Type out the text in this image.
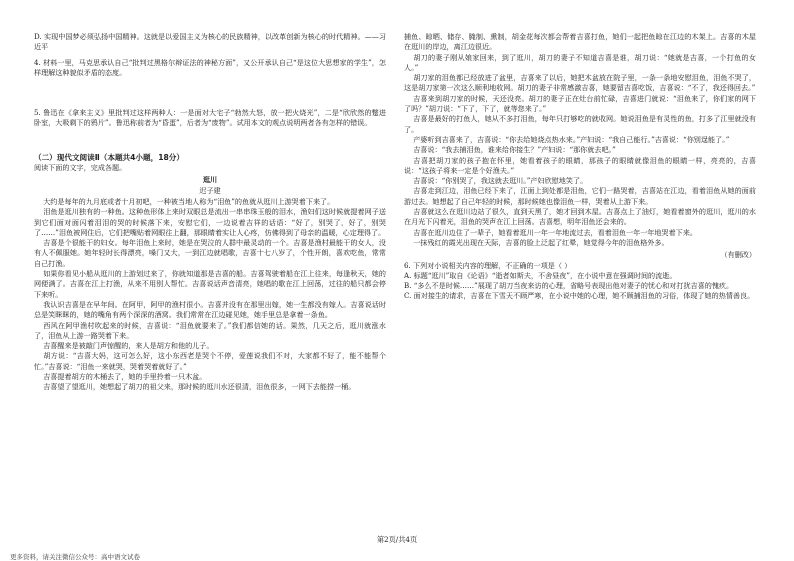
D. 实现中国梦必须弘扬中国精神。这就是以爱国主义为核心的民族精神，以改革创新为核心的时代精神。——习近平

4. 材料一里，马克思承认自己“批判过黑格尔辩证法的神秘方面”，又公开承认自己“是这位大思想家的学生”，怎样理解这种貌似矛盾的态度。

5. 鲁迅在《拿来主义》里批判过这样两种人：一是面对大宅子“勃然大怒，放一把火烧光”，二是“欣欣然的蹩进卧室，大吸剩下的鸦片”。鲁迅称前者为“昏蛋”，后者为“废物”。试用本文的观点说明两者各有怎样的错误。

（二）现代文阅读Ⅱ（本题共4小题，18分）

阅读下面的文字，完成各题。

逛川

迟子建

大约是每年的九月底或者十月初吧，一种被当地人称为“泪鱼”的鱼就从逛川上游哭着下来了。

泪鱼是逛川独有的一种鱼。这种鱼形体上来时双眼总是流出一串串珠玉般的泪水，渔妇们这时候就提着网子送到它们面对面闪着泪泪的哭的时候落下来，安慰它们，一边说着吉祥的话语：“好了，别哭了，好了，别哭了……”泪鱼被网住后，它们把嘴贴着网眼往上翻，那眼睛着实让人心疼，仿佛得到了母亲的温暖，心定理得了。

吉喜是个很能干的妇女。每年泪鱼上来时，她是在哭泣的人群中最灵动的一个。吉喜是渔村最能干的女人，没有人不佩服她。她年轻时长得漂亮，嗓门又大，一到江边就唱歌，吉喜十七八岁了，个性开朗，喜欢吃鱼，常常自己打渔。

如果你看见小船从逛川的上游划过来了，你就知道那是吉喜的船。吉喜驾驶着船在江上往来，每逢秋天，她的网便满了。吉喜在江上打渔，从来不用别人帮忙。吉喜说话声音清亮，她唱的歌在江上回荡，过往的船只都会停下来听。

我认识吉喜是在早年间。在阿甲，阿甲的渔村很小。吉喜并没有在那里出嫁，她一生都没有嫁人。吉喜说话时总是笑眯眯的，她的嘴角有两个深深的酒窝。我们常常在江边碰见她，她手里总是拿着一条鱼。

西风在阿甲渔村吹起来的时候，吉喜说：“泪鱼就要来了。”我们都信她的话。果然，几天之后，逛川就涨水了，泪鱼从上游一路哭着下来。

吉喜醒来是被敲门声惊醒的，来人是胡方和他的儿子。

胡方说：“吉喜大妈，这可怎么好，这小东西老是哭个不停，爱莲说我们不对，大家都不好了，能不能帮个忙。”吉喜说：“泪鱼一来就哭，哭着哭着就好了。”

吉喜提着胡方的木桶去了，她的手里拎着一只木盆。

吉喜望了望逛川，她想起了胡刀的祖父来，那时候的逛川水还很清，泪鱼很多，一网下去能捞一桶。

捕鱼、晾晒、储存、腌制、熏制，胡金花每次都会帮着吉喜打鱼，她们一起把鱼晾在江边的木架上。吉喜的木屋在逛川的岸边，离江边很近。

胡刀的妻子刚从娘家回来，到了逛川，胡刀的妻子不知道吉喜是谁，胡刀说：“她就是吉喜，一个打鱼的女人。”

胡刀家的泪鱼都已经放进了盆里，吉喜来了以后，她把木盆放在院子里，一条一条地安慰泪鱼，泪鱼不哭了，这是胡刀家第一次这么顺利地收网。胡刀的妻子非常感激吉喜，她要留吉喜吃饭，吉喜说：“不了，我还得回去。”

吉喜来到胡刀家的时候，天还没亮。胡刀的妻子正在灶台前忙碌，吉喜进门就说：“泪鱼来了，你们家的网下了吗？”胡刀说：“下了，下了，就等您来了。”

吉喜是最好的打鱼人，她从不多打泪鱼，每年只打够吃的就收网。她说泪鱼是有灵性的鱼，打多了江里就没有了。

产婆听到吉喜来了，吉喜说：“你去给她烧点热水来。”产妇说：“我自己能行。”吉喜说：“你别逞能了。”

吉喜说：“我去捕泪鱼，谁来给你接生？”产妇说：“那你就去吧。”

吉喜把胡刀家的孩子抱在怀里，她看着孩子的眼睛，那孩子的眼睛就像泪鱼的眼睛一样，亮亮的，吉喜说：“这孩子将来一定是个好渔夫。”

吉喜说：“你别哭了，我这就去逛川。”产妇欣慰地笑了。

吉喜走到江边，泪鱼已经下来了，江面上到处都是泪鱼，它们一路哭着，吉喜站在江边，看着泪鱼从她的面前游过去。她想起了自己年轻的时候，那时候她也像泪鱼一样，哭着从上游下来。

吉喜就这么在逛川边站了很久，直到天黑了，她才回到木屋。吉喜点上了油灯，她看着窗外的逛川，逛川的水在月光下闪着光，泪鱼的哭声在江上回荡。吉喜想，明年泪鱼还会来的。

吉喜在逛川边住了一辈子，她看着逛川一年一年地流过去，看着泪鱼一年一年地哭着下来。

一抹残红的霞光出现在天际，吉喜的脸上泛起了红晕，她觉得今年的泪鱼格外多。

（有删改）

6. 下列对小说相关内容的理解，不正确的一项是（ ）

A. 标题“逛川”取自《论语》“逝者如斯夫，不舍昼夜”，在小说中意在强调时间的流逝。

B. “多么不是时候……”展现了胡刀当夜来访的心理，省略号表现出他对妻子的忧心和对打扰吉喜的愧疚。

C. 面对接生的请求，吉喜在下雪天不顾严寒，在小说中她的心理，她不顾捕泪鱼的习俗，体现了她的热情善良。

第2页/共4页
更多资料，请关注微信公众号：高中语文试卷
